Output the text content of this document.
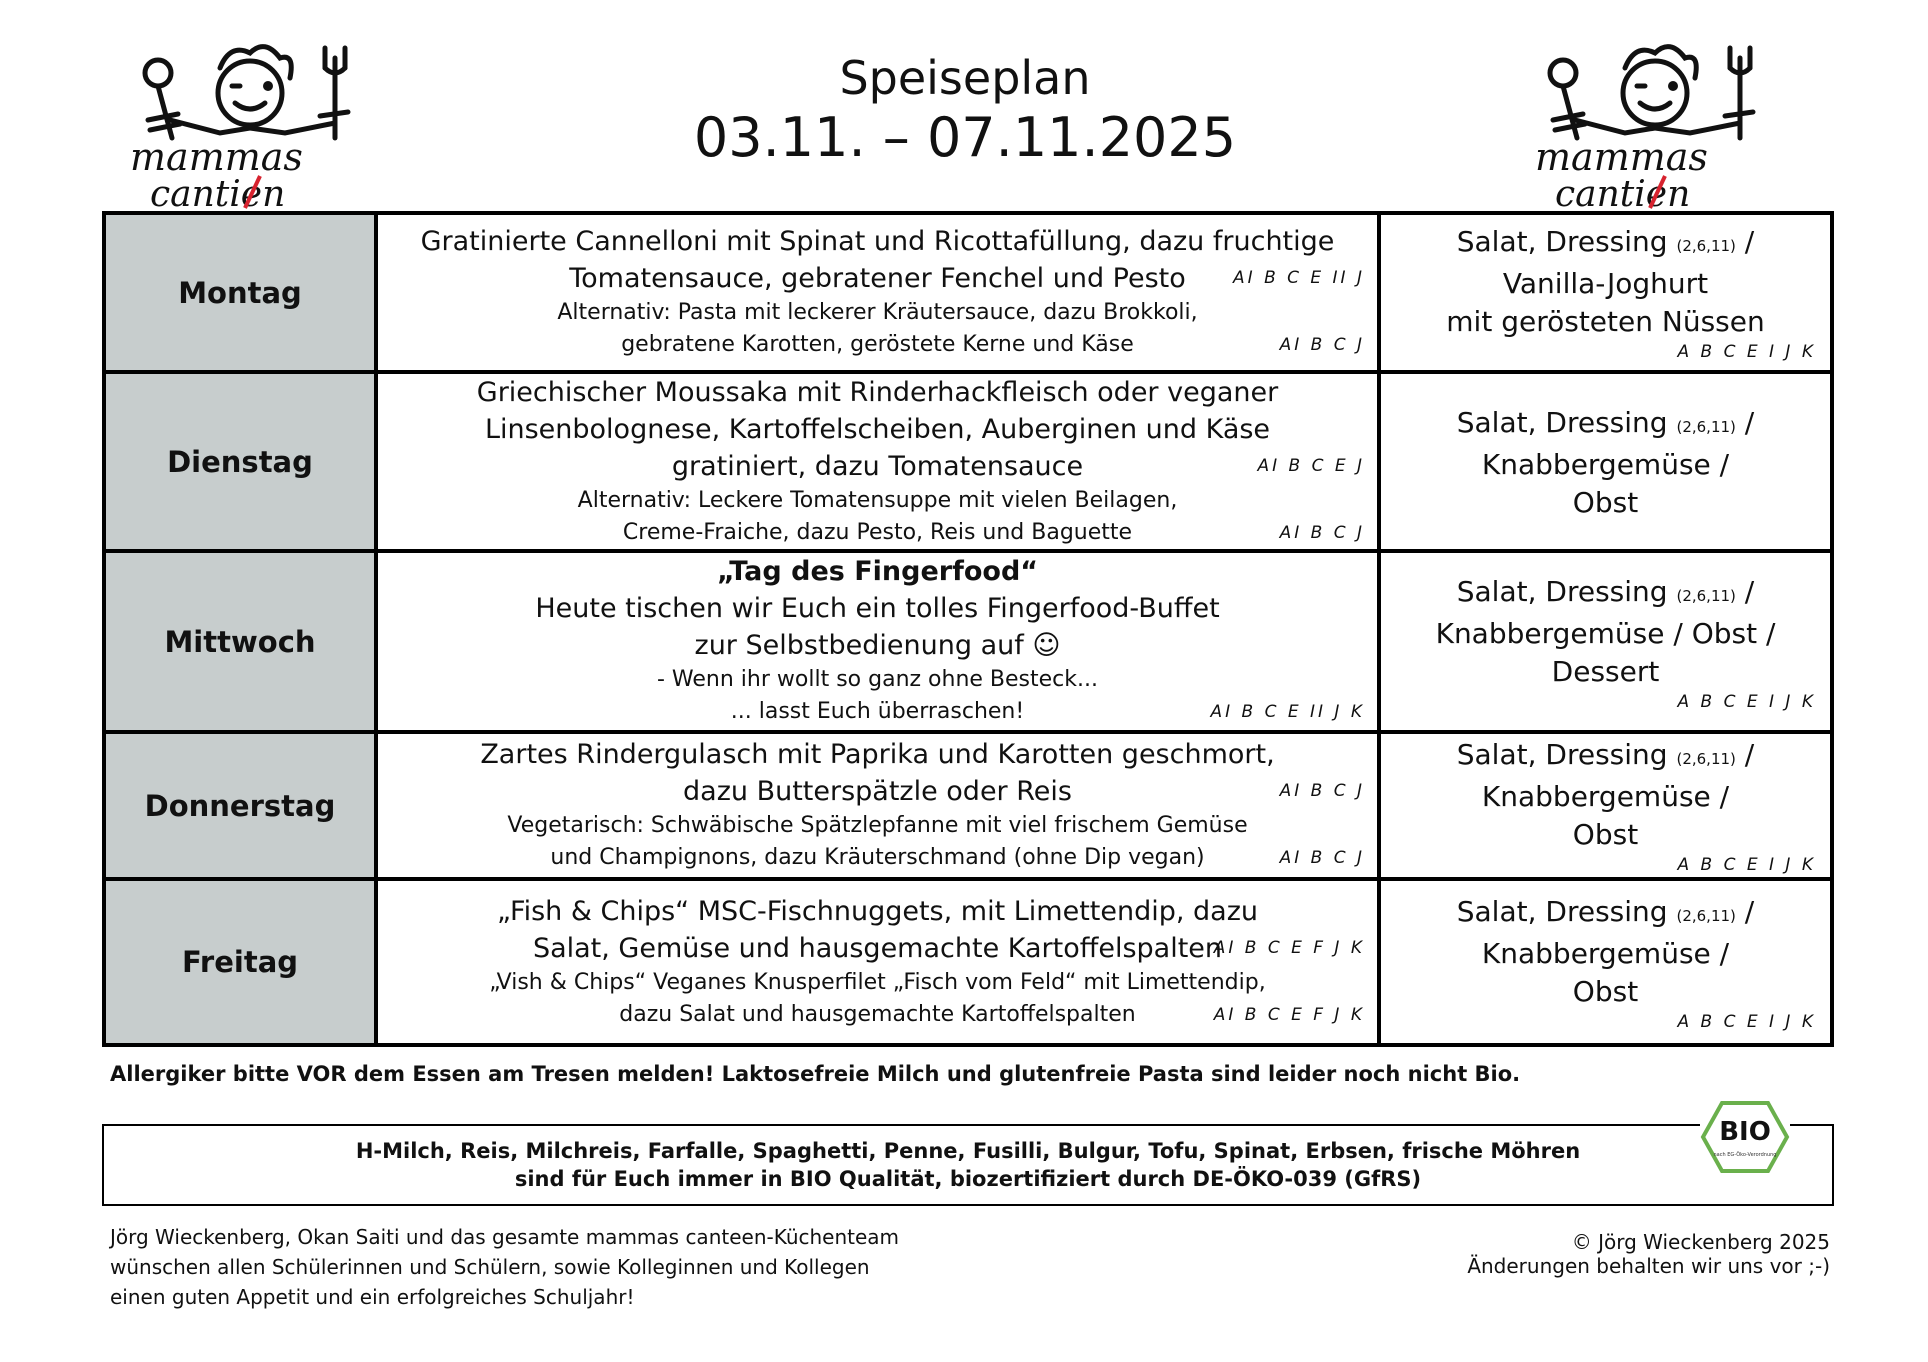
mammas
cantien
mammas
cantien
Speiseplan
03.11. – 07.11.2025
Montag
Gratinierte Cannelloni mit Spinat und Ricottafüllung, dazu fruchtige
Tomatensauce, gebratener Fenchel und Pesto	AI B C E II J
Alternativ: Pasta mit leckerer Kräutersauce, dazu Brokkoli,
gebratene Karotten, geröstete Kerne und Käse	AI B C J
Salat, Dressing (2,6,11) /
Vanilla-Joghurt
mit gerösteten Nüssen
A B C E I J K
Dienstag
Griechischer Moussaka mit Rinderhackfleisch oder veganer
Linsenbolognese, Kartoffelscheiben, Auberginen und Käse
gratiniert, dazu Tomatensauce	AI B C E J
Alternativ: Leckere Tomatensuppe mit vielen Beilagen,
Creme-Fraiche, dazu Pesto, Reis und Baguette	AI B C J
Salat, Dressing (2,6,11) /
Knabbergemüse /
Obst
Mittwoch
„Tag des Fingerfood“
Heute tischen wir Euch ein tolles Fingerfood-Buffet
zur Selbstbedienung auf ☺
- Wenn ihr wollt so ganz ohne Besteck...
... lasst Euch überraschen!	AI B C E II J K
Salat, Dressing (2,6,11) /
Knabbergemüse / Obst /
Dessert
A B C E I J K
Donnerstag
Zartes Rindergulasch mit Paprika und Karotten geschmort,
dazu Butterspätzle oder Reis	AI B C J
Vegetarisch: Schwäbische Spätzlepfanne mit viel frischem Gemüse
und Champignons, dazu Kräuterschmand (ohne Dip vegan)	AI B C J
Salat, Dressing (2,6,11) /
Knabbergemüse /
Obst
A B C E I J K
Freitag
„Fish & Chips“ MSC-Fischnuggets, mit Limettendip, dazu
Salat, Gemüse und hausgemachte Kartoffelspalten
AI B C E F J K
„Vish & Chips“ Veganes Knusperfilet „Fisch vom Feld“ mit Limettendip,
dazu Salat und hausgemachte Kartoffelspalten	AI B C E F J K
Salat, Dressing (2,6,11) /
Knabbergemüse /
Obst
A B C E I J K
Allergiker bitte VOR dem Essen am Tresen melden! Laktosefreie Milch und glutenfreie Pasta sind leider noch nicht Bio.
H-Milch, Reis, Milchreis, Farfalle, Spaghetti, Penne, Fusilli, Bulgur, Tofu, Spinat, Erbsen, frische Möhren
sind für Euch immer in BIO Qualität, biozertifiziert durch DE-ÖKO-039 (GfRS)
BIO
nach EG-Öko-Verordnung
Jörg Wieckenberg, Okan Saiti und das gesamte mammas canteen-Küchenteam
wünschen allen Schülerinnen und Schülern, sowie Kolleginnen und Kollegen
einen guten Appetit und ein erfolgreiches Schuljahr!
© Jörg Wieckenberg 2025
Änderungen behalten wir uns vor ;-)
